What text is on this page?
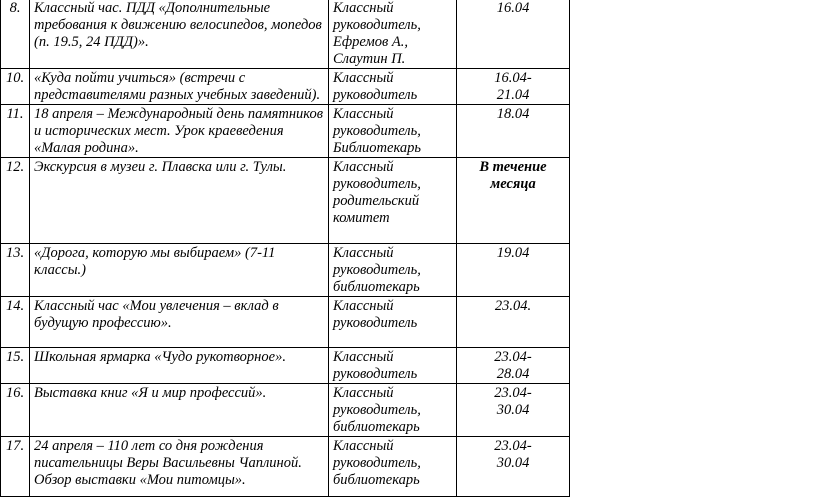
8.	Классный час. ПДД «Дополнительные
требования к движению велосипедов, мопедов
(п. 19.5, 24 ПДД)».	Классный
руководитель,
Ефремов А.,
Слаутин П.	16.04
10.	«Куда пойти учиться» (встречи с
представителями разных учебных заведений).	Классный
руководитель	16.04-
21.04
11.	18 апреля – Международный день памятников
и исторических мест. Урок краеведения
«Малая родина».	Классный
руководитель,
Библиотекарь	18.04
12.	Экскурсия в музеи г. Плавска или г. Тулы.	Классный
руководитель,
родительский
комитет	В течение
месяца
13.	«Дорога, которую мы выбираем» (7-11
классы.)	Классный
руководитель,
библиотекарь	19.04
14.	Классный час «Мои увлечения – вклад в
будущую профессию».	Классный
руководитель	23.04.
15.	Школьная ярмарка «Чудо рукотворное».	Классный
руководитель	23.04-
28.04
16.	Выставка книг «Я и мир профессий».	Классный
руководитель,
библиотекарь	23.04-
30.04
17.	24 апреля – 110 лет со дня рождения
писательницы Веры Васильевны Чаплиной.
Обзор выставки «Мои питомцы».	Классный
руководитель,
библиотекарь	23.04-
30.04
